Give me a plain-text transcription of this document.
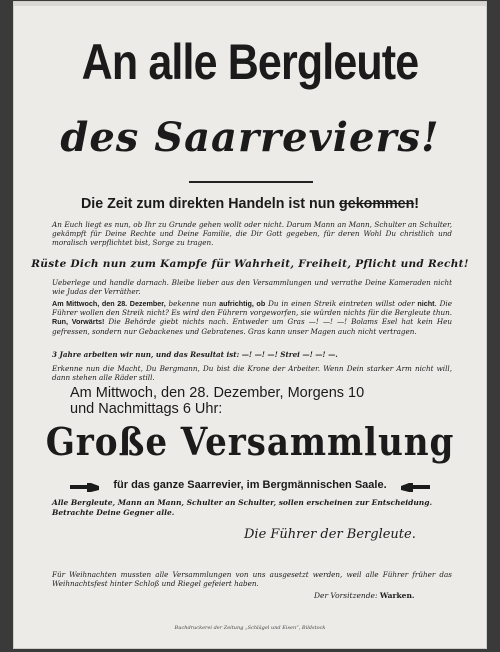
An alle Bergleute
des Saarreviers!
Die Zeit zum direkten Handeln ist nun gekommen!
An Euch liegt es nun, ob Ihr zu Grunde gehen wollt oder nicht. Darum Mann an Mann, Schulter an Schulter, gekämpft für Deine Rechte und Deine Familie, die Dir Gott gegeben, für deren Wohl Du christlich und moralisch verpflichtet bist, Sorge zu tragen.
Rüste Dich nun zum Kampfe für Wahrheit, Freiheit, Pflicht und Recht!
Ueberlege und handle darnach. Bleibe lieber aus den Versammlungen und verrathe Deine Kameraden nicht wie Judas der Verräther.
Am Mittwoch, den 28. Dezember, bekenne nun aufrichtig, ob Du in einen Streik eintreten willst oder nicht. Die Führer wollen den Streik nicht? Es wird den Führern vorgeworfen, sie würden nichts für die Bergleute thun. Run, Vorwärts! Die Behörde giebt nichts nach. Entweder um Gras —! —! —! Bolams Esel hat kein Heu gefressen, sondern nur Gebackenes und Gebratenes. Gras kann unser Magen auch nicht vertragen.
3 Jahre arbeiten wir nun, und das Resultat ist: —! —! —! Strei —! —! —.
Erkenne nun die Macht, Du Bergmann, Du bist die Krone der Arbeiter. Wenn Dein starker Arm nicht will, dann stehen alle Räder still.
Am Mittwoch, den 28. Dezember, Morgens 10
und Nachmittags 6 Uhr:
Große Versammlung
für das ganze Saarrevier, im Bergmännischen Saale.
Alle Bergleute, Mann an Mann, Schulter an Schulter, sollen erscheinen zur Entscheidung.
Betrachte Deine Gegner alle.
Die Führer der Bergleute.
Für Weihnachten mussten alle Versammlungen von uns ausgesetzt werden, weil alle Führer früher das Weihnachtsfest hinter Schloß und Riegel gefeiert haben.
Der Vorsitzende: Warken.
Buchdruckerei der Zeitung „Schlägel und Eisen“, Bildstock
